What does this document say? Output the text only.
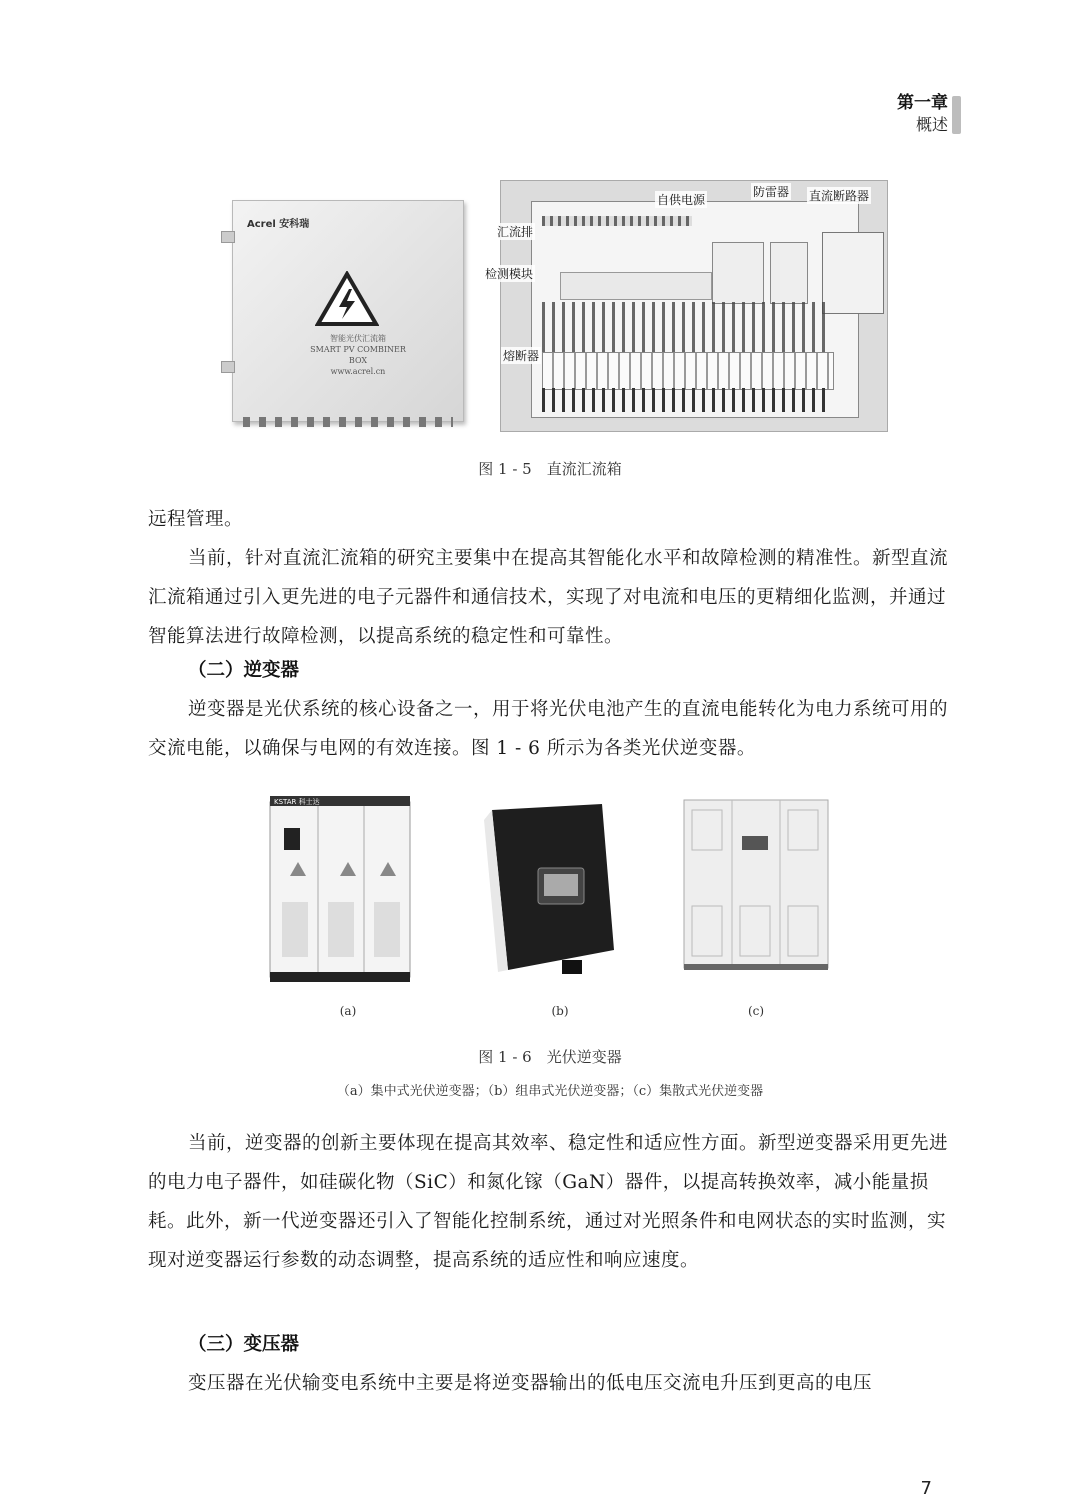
第一章
概述
Acrel 安科瑞
智能光伏汇流箱
SMART PV COMBINER BOX
www.acrel.cn
自供电源
防雷器 直流断路器
汇流排
检测模块
熔断器
图 1 - 5　直流汇流箱
远程管理。
当前，针对直流汇流箱的研究主要集中在提高其智能化水平和故障检测的精准性。新型直流汇流箱通过引入更先进的电子元器件和通信技术，实现了对电流和电压的更精细化监测，并通过智能算法进行故障检测，以提高系统的稳定性和可靠性。
（二）逆变器
逆变器是光伏系统的核心设备之一，用于将光伏电池产生的直流电能转化为电力系统可用的交流电能，以确保与电网的有效连接。图 1 - 6 所示为各类光伏逆变器。
KSTAR 科士达
(a)	(b)	(c)
图 1 - 6　光伏逆变器
（a）集中式光伏逆变器；（b）组串式光伏逆变器；（c）集散式光伏逆变器
当前，逆变器的创新主要体现在提高其效率、稳定性和适应性方面。新型逆变器采用更先进的电力电子器件，如硅碳化物（SiC）和氮化镓（GaN）器件，以提高转换效率，减小能量损耗。此外，新一代逆变器还引入了智能化控制系统，通过对光照条件和电网状态的实时监测，实现对逆变器运行参数的动态调整，提高系统的适应性和响应速度。
（三）变压器
变压器在光伏输变电系统中主要是将逆变器输出的低电压交流电升压到更高的电压
7
